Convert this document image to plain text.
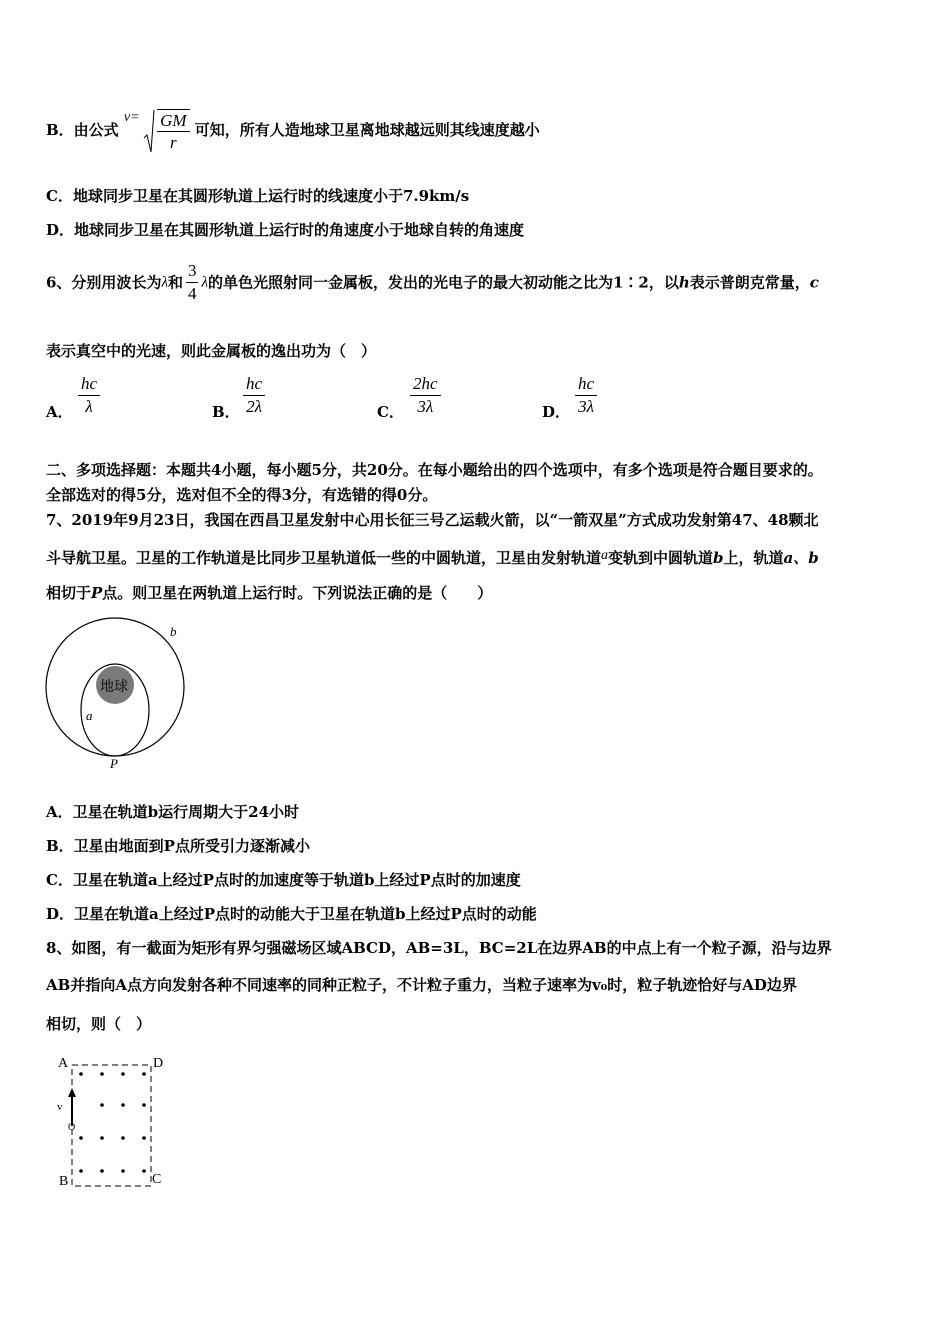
B．由公式 $v= \frac{GM}{r}$ 可知，所有人造地球卫星离地球越远则其线速度越小
C．地球同步卫星在其圆形轨道上运行时的线速度小于7.9km/s
D．地球同步卫星在其圆形轨道上运行时的角速度小于地球自转的角速度
6、分别用波长为λ和 $\frac{3}{4}$ λ的单色光照射同一金属板，发出的光电子的最大初动能之比为1∶2，以h表示普朗克常量，c
表示真空中的光速，则此金属板的逸出功为（　）
A． $\frac{hc}{\lambda}$	B． $\frac{hc}{2\lambda}$	C． $\frac{2hc}{3\lambda}$	D． $\frac{hc}{3\lambda}$
二、多项选择题：本题共4小题，每小题5分，共20分。在每小题给出的四个选项中，有多个选项是符合题目要求的。
全部选对的得5分，选对但不全的得3分，有选错的得0分。
7、2019年9月23日，我国在西昌卫星发射中心用长征三号乙运载火箭，以“一箭双星”方式成功发射第47、48颗北
斗导航卫星。卫星的工作轨道是比同步卫星轨道低一些的中圆轨道，卫星由发射轨道a变轨到中圆轨道b上，轨道a、b
相切于P点。则卫星在两轨道上运行时。下列说法正确的是（　　）
地球
a
b
P
A．卫星在轨道b运行周期大于24小时
B．卫星由地面到P点所受引力逐渐减小
C．卫星在轨道a上经过P点时的加速度等于轨道b上经过P点时的加速度
D．卫星在轨道a上经过P点时的动能大于卫星在轨道b上经过P点时的动能
8、如图，有一截面为矩形有界匀强磁场区域ABCD，AB=3L，BC=2L在边界AB的中点上有一个粒子源，沿与边界
AB并指向A点方向发射各种不同速率的同种正粒子，不计粒子重力，当粒子速率为v₀时，粒子轨迹恰好与AD边界
相切，则（　）
A	D
B	C
v
O
